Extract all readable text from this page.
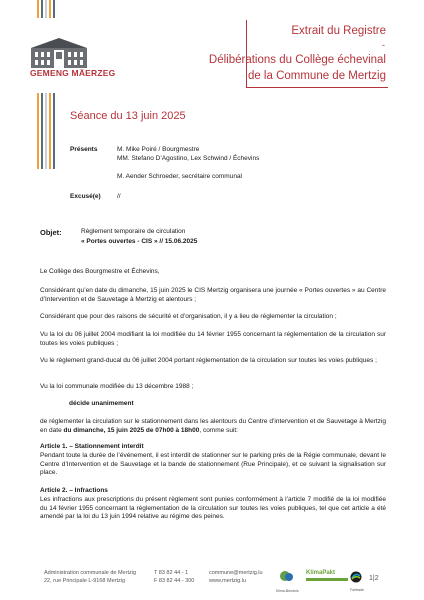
GEMENG MÄERZEG
Extrait du Registre
-
Délibérations du Collège échevinal
de la Commune de Mertzig
Séance du 13 juin 2025
Présents	M. Mike Poiré / Bourgmestre
MM. Stefano D’Agostino, Lex Schwind / Échevins
M. Aender Schroeder, secrétaire communal
Excusé(e)	//
Objet:	Règlement temporaire de circulation
« Portes ouvertes - CIS » // 15.06.2025
Le Collège des Bourgmestre et Échevins,
Considérant qu’en date du dimanche, 15 juin 2025 le CIS Mertzig organisera une journée « Portes ouvertes » au Centre d’Intervention et de Sauvetage à Mertzig et alentours ;
Considérant que pour des raisons de sécurité et d’organisation, il y a lieu de réglementer la circulation ;
Vu la loi du 06 juillet 2004 modifiant la loi modifiée du 14 février 1955 concernant la réglementation de la circulation sur toutes les voies publiques ;
Vu le règlement grand-ducal du 06 juillet 2004 portant réglementation de la circulation sur toutes les voies publiques ;
Vu la loi communale modifiée du 13 décembre 1988 ;
décide unanimement
de réglementer la circulation sur le stationnement dans les alentours du Centre d’intervention et de Sauvetage à Mertzig en date du dimanche, 15 juin 2025 de 07h00 à 18h00, comme suit:
Article 1. – Stationnement interdit
Pendant toute la durée de l’événement, il est interdit de stationner sur le parking près de la Régie communale, devant le Centre d’Intervention et de Sauvetage et la bande de stationnement (Rue Principale), et ce suivant la signalisation sur place.
Article 2. – Infractions
Les infractions aux prescriptions du présent règlement sont punies conformément à l’article 7 modifié de la loi modifiée du 14 février 1955 concernant la réglementation de la circulation sur toutes les voies publiques, tel que cet article a été amendé par la loi du 13 juin 1994 relative au régime des peines.
Administration communale de Mertzig
22, rue Principale L-9168 Mertzig
T 83 82 44 - 1
F 83 82 44 - 300
commune@mertzig.lu
www.mertzig.lu
Klima-Bündnis
KlimaPakt
Fairtrade
1|2
